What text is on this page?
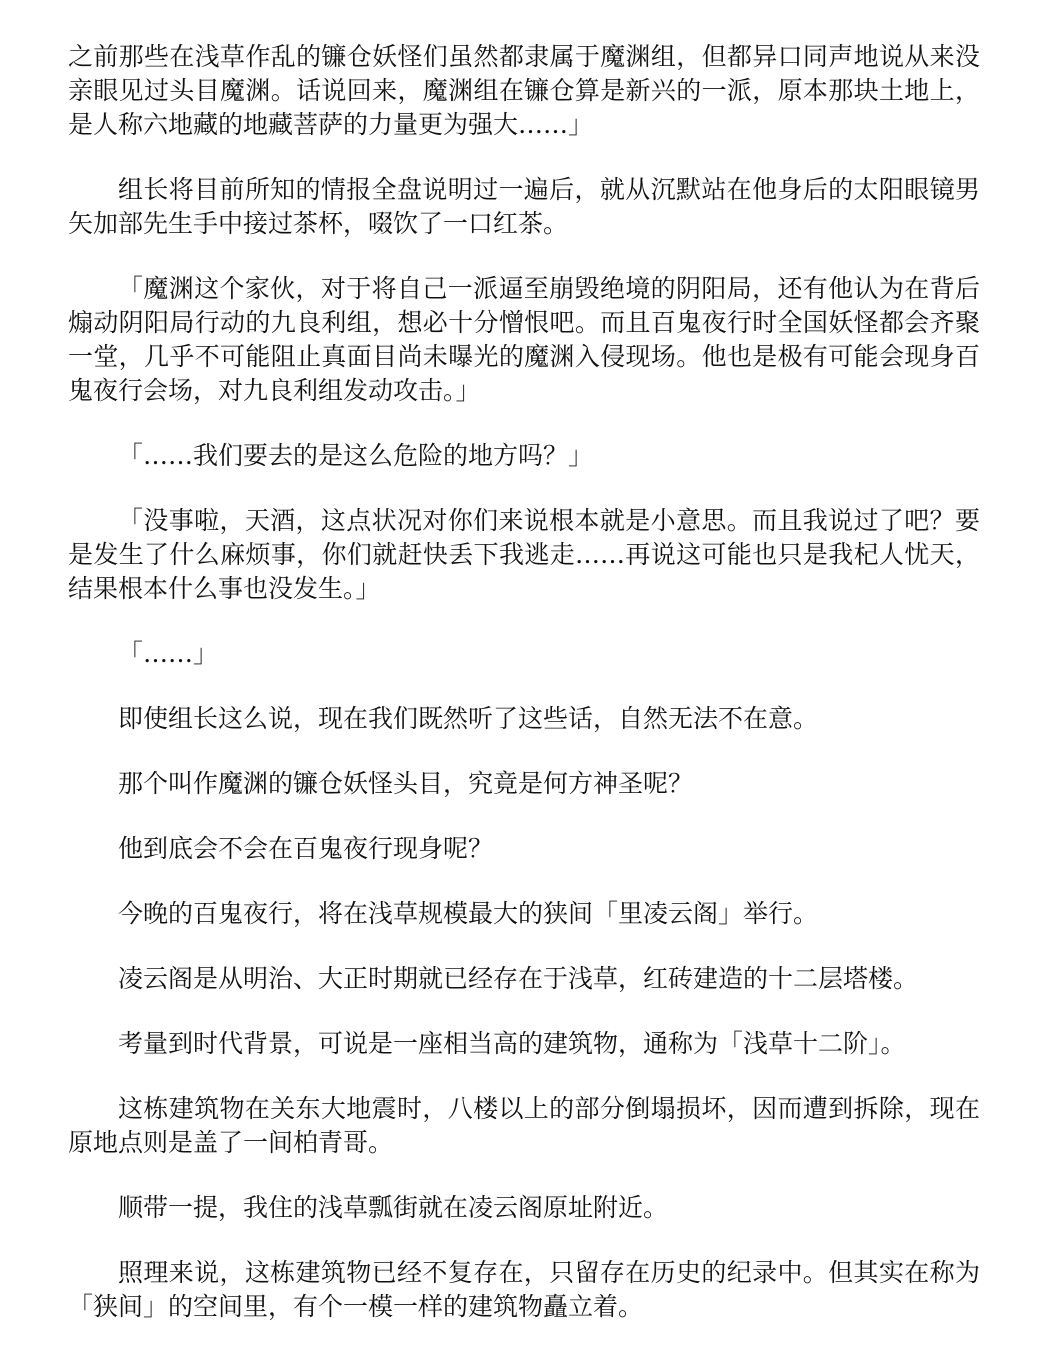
之前那些在浅草作乱的镰仓妖怪们虽然都隶属于魔渊组，但都异口同声地说从来没亲眼见过头目魔渊。话说回来，魔渊组在镰仓算是新兴的一派，原本那块土地上，是人称六地藏的地藏菩萨的力量更为强大……」

组长将目前所知的情报全盘说明过一遍后，就从沉默站在他身后的太阳眼镜男矢加部先生手中接过茶杯，啜饮了一口红茶。

「魔渊这个家伙，对于将自己一派逼至崩毁绝境的阴阳局，还有他认为在背后煽动阴阳局行动的九良利组，想必十分憎恨吧。而且百鬼夜行时全国妖怪都会齐聚一堂，几乎不可能阻止真面目尚未曝光的魔渊入侵现场。他也是极有可能会现身百鬼夜行会场，对九良利组发动攻击。」

「……我们要去的是这么危险的地方吗？」

「没事啦，天酒，这点状况对你们来说根本就是小意思。而且我说过了吧？要是发生了什么麻烦事，你们就赶快丢下我逃走……再说这可能也只是我杞人忧天，结果根本什么事也没发生。」

「……」

即使组长这么说，现在我们既然听了这些话，自然无法不在意。

那个叫作魔渊的镰仓妖怪头目，究竟是何方神圣呢？

他到底会不会在百鬼夜行现身呢？

今晚的百鬼夜行，将在浅草规模最大的狭间「里凌云阁」举行。

凌云阁是从明治、大正时期就已经存在于浅草，红砖建造的十二层塔楼。

考量到时代背景，可说是一座相当高的建筑物，通称为「浅草十二阶」。

这栋建筑物在关东大地震时，八楼以上的部分倒塌损坏，因而遭到拆除，现在原地点则是盖了一间柏青哥。

顺带一提，我住的浅草瓢街就在凌云阁原址附近。

照理来说，这栋建筑物已经不复存在，只留存在历史的纪录中。但其实在称为「狭间」的空间里，有个一模一样的建筑物矗立着。
